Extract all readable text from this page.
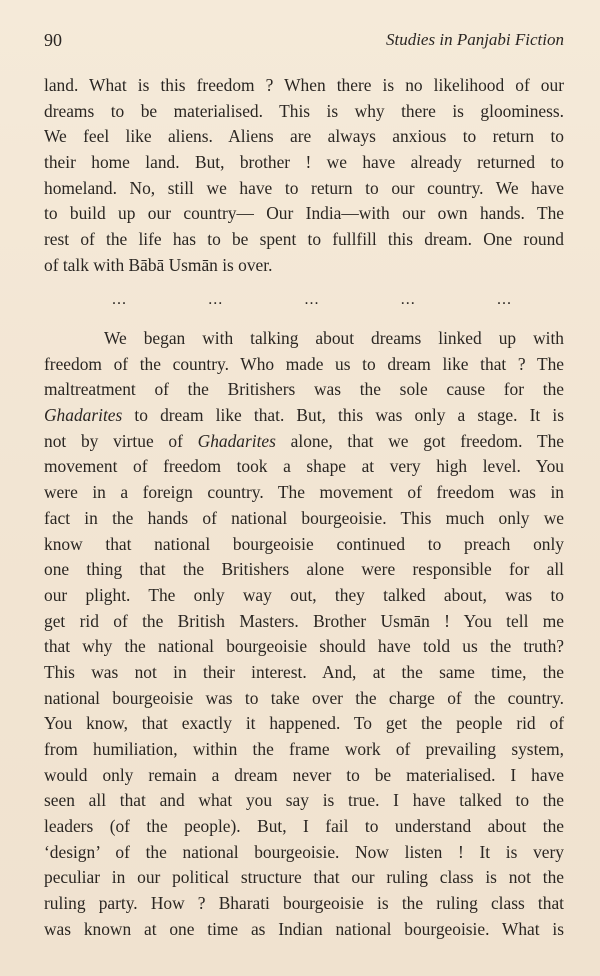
90	Studies in Panjabi Fiction
land. What is this freedom ? When there is no likelihood of our
dreams to be materialised. This is why there is gloominess.
We feel like aliens. Aliens are always anxious to return to
their home land. But, brother ! we have already returned to
homeland. No, still we have to return to our country. We have
to build up our country— Our India—with our own hands. The
rest of the life has to be spent to fullfill this dream. One round
of talk with Bābā Usmān is over.
...	...	...	...	...
We began with talking about dreams linked up with
freedom of the country. Who made us to dream like that ? The
maltreatment of the Britishers was the sole cause for the
Ghadarites to dream like that. But, this was only a stage. It is
not by virtue of Ghadarites alone, that we got freedom. The
movement of freedom took a shape at very high level. You
were in a foreign country. The movement of freedom was in
fact in the hands of national bourgeoisie. This much only we
know that national bourgeoisie continued to preach only
one thing that the Britishers alone were responsible for all
our plight. The only way out, they talked about, was to
get rid of the British Masters. Brother Usmān ! You tell me
that why the national bourgeoisie should have told us the truth?
This was not in their interest. And, at the same time, the
national bourgeoisie was to take over the charge of the country.
You know, that exactly it happened. To get the people rid of
from humiliation, within the frame work of prevailing system,
would only remain a dream never to be materialised. I have
seen all that and what you say is true. I have talked to the
leaders (of the people). But, I fail to understand about the
‘design’ of the national bourgeoisie. Now listen ! It is very
peculiar in our political structure that our ruling class is not the
ruling party. How ? Bharati bourgeoisie is the ruling class that
was known at one time as Indian national bourgeoisie. What is
